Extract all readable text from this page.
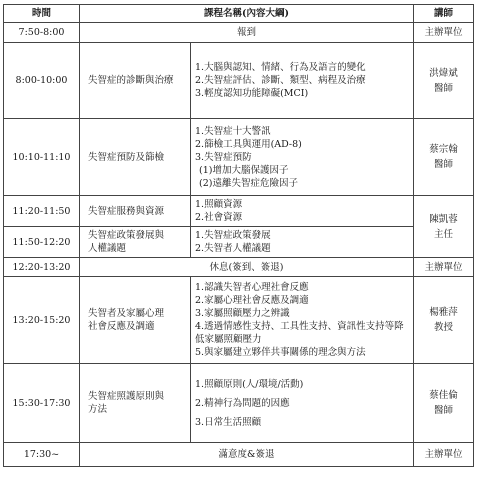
時間	課程名稱(內容大綱)		講師
7:50-8:00	報到		主辦單位
8:00-10:00	失智症的診斷與治療	1.大腦與認知、情緒、行為及語言的變化
2.失智症評估、診斷、類型、病程及治療
3.輕度認知功能障礙(MCI)	洪煒斌
醫師

10:10-11:10	失智症預防及篩檢	1.失智症十大警訊
2.篩檢工具與運用(AD-8)
3.失智症預防
(1)增加大腦保護因子
(2)遠離失智症危險因子	蔡宗翰
醫師

11:20-11:50	失智症服務與資源	1.照顧資源
2.社會資源	陳凱蓉
主任

11:50-12:20	失智症政策發展與
人權議題	1.失智症政策發展
2.失智者人權議題	

12:20-13:20	休息(簽到、簽退)		主辦單位
13:20-15:20	失智者及家屬心理
社會反應及調適	1.認識失智者心理社會反應
2.家屬心理社會反應及調適
3.家屬照顧壓力之辨識
4.透過情感性支持、工具性支持、資訊性支持等降低家屬照顧壓力
5.與家屬建立夥伴共事關係的理念與方法	楊雅萍
教授

15:30-17:30	失智症照護原則與
方法	1.照顧原則(人/環境/活動)
2.精神行為問題的因應
3.日常生活照顧	蔡佳倫
醫師

17:30~	滿意度&簽退		主辦單位
